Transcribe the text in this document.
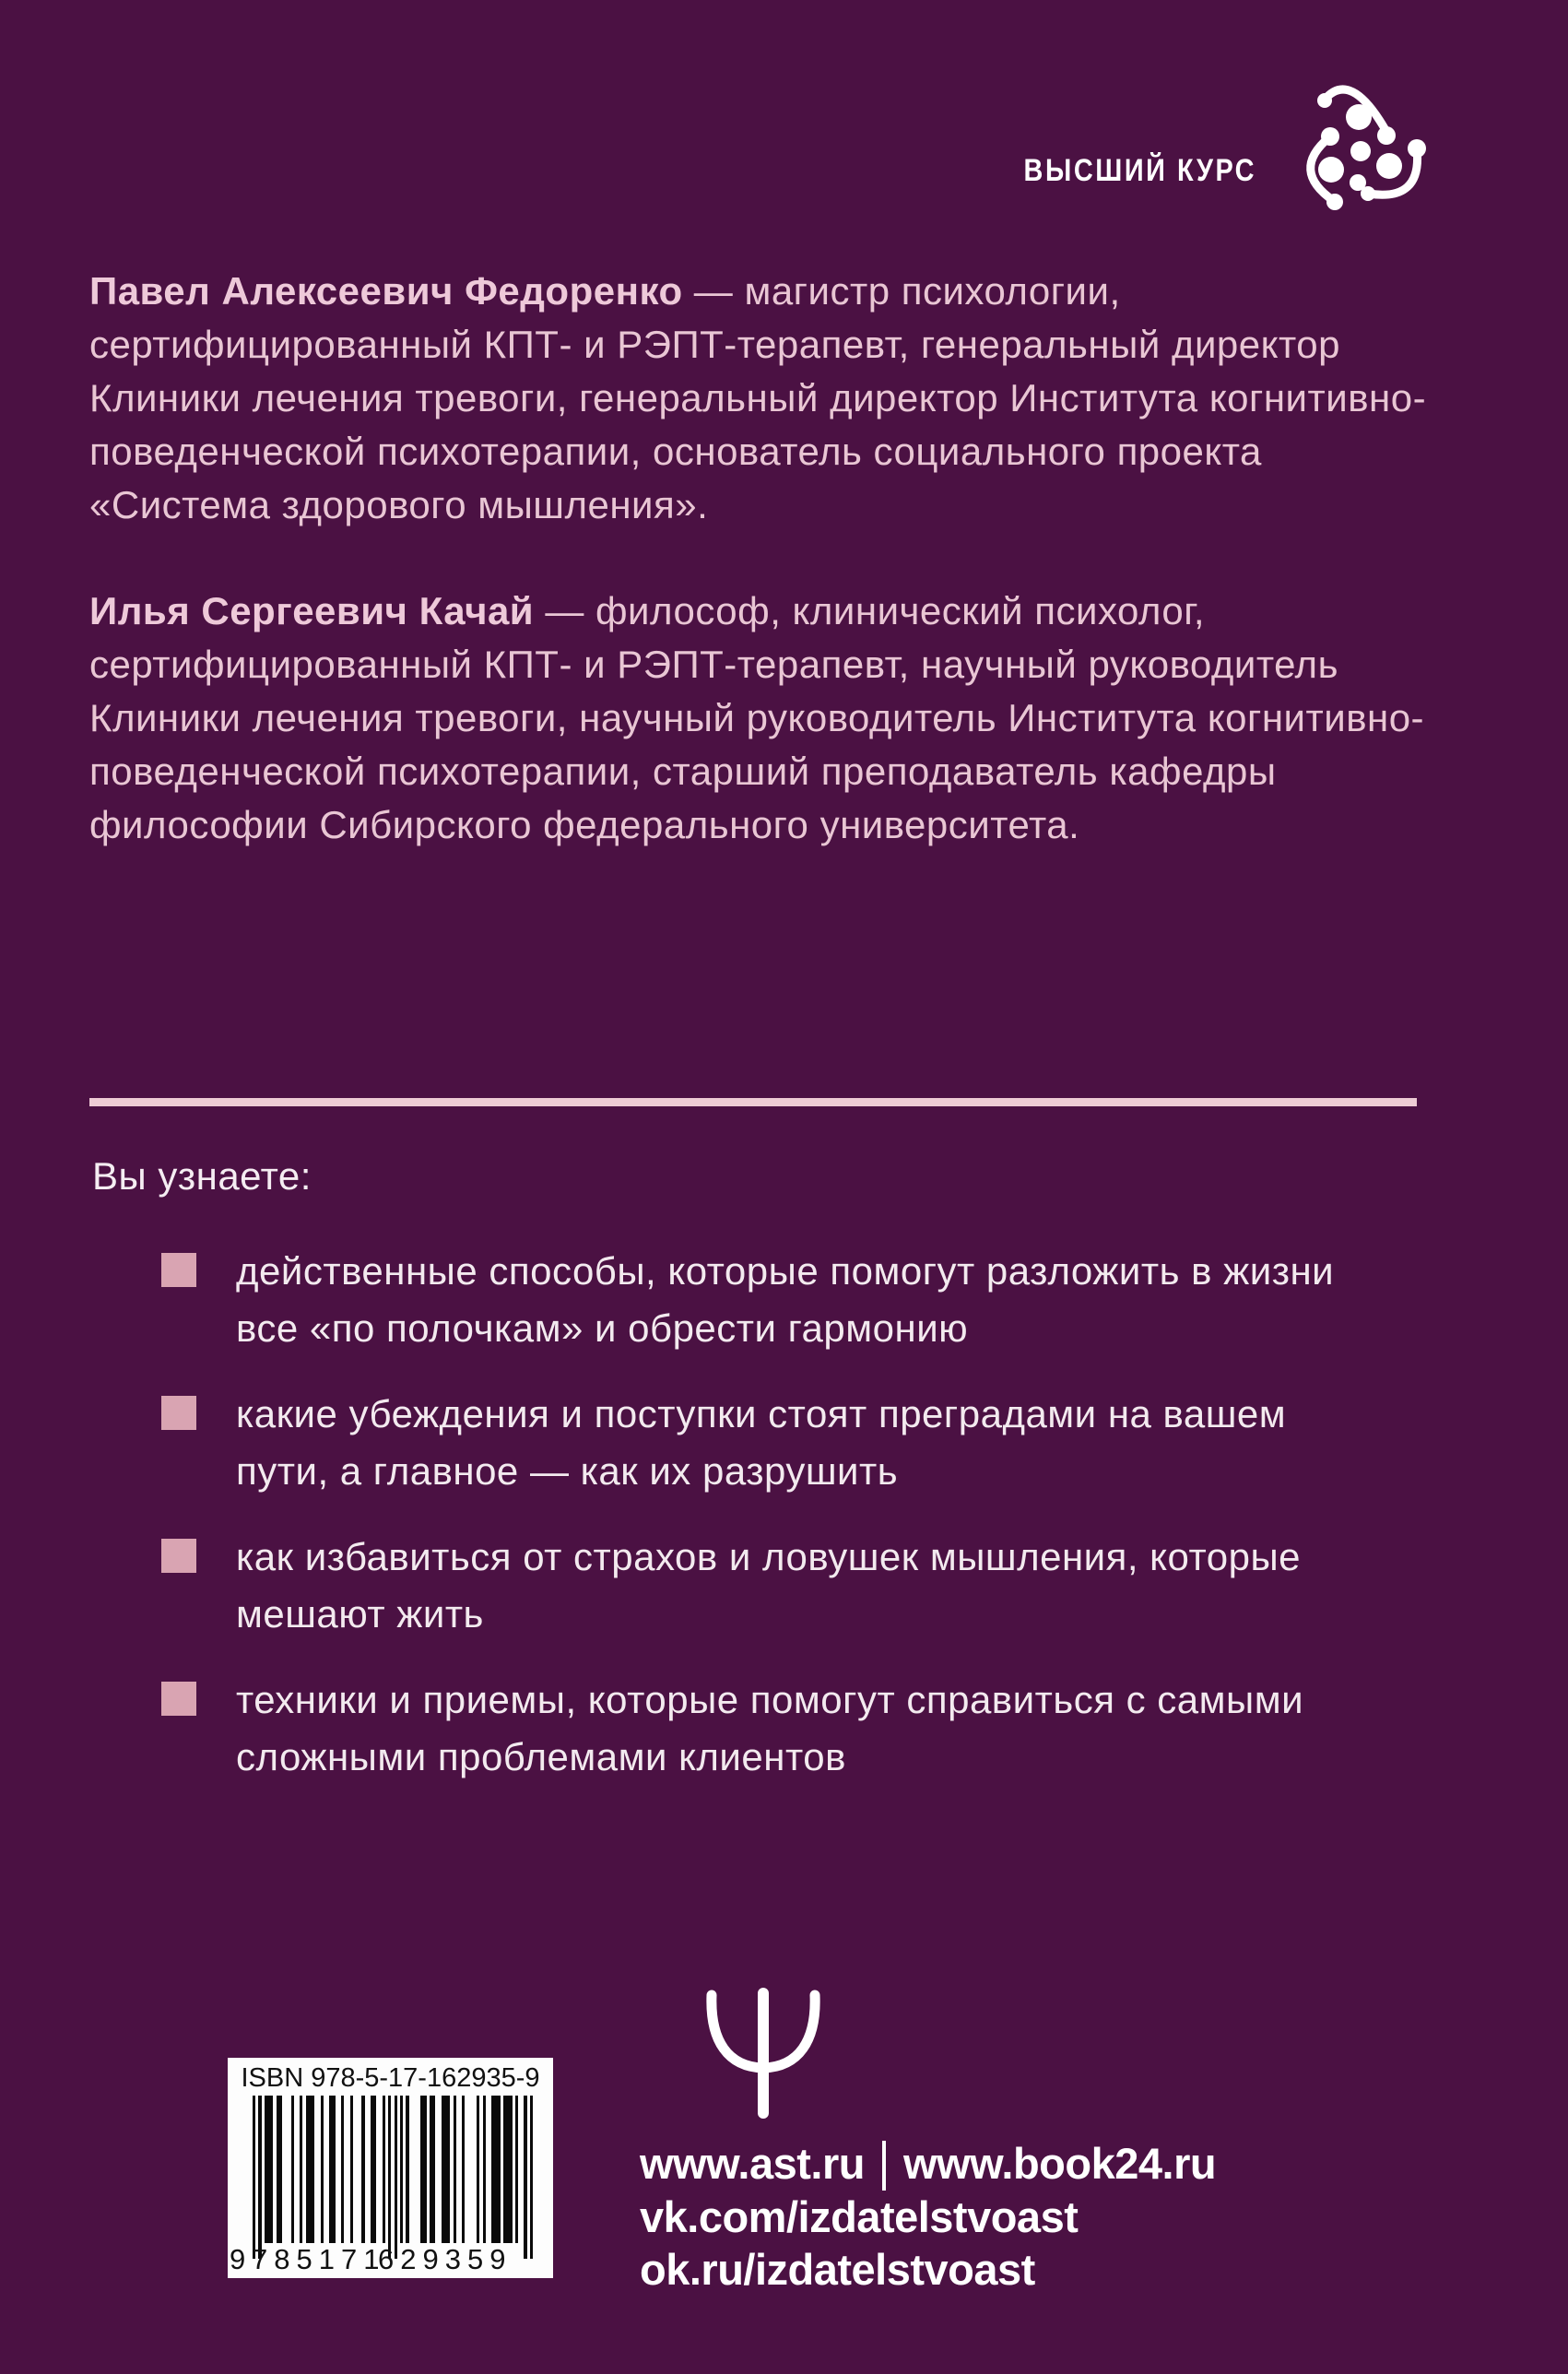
ВЫСШИЙ КУРС

Павел Алексеевич Федоренко — магистр психологии, сертифицированный КПТ- и РЭПТ-терапевт, генеральный директор Клиники лечения тревоги, генеральный директор Института когнитивно-поведенческой психотерапии, основатель социального проекта «Система здорового мышления».

Илья Сергеевич Качай — философ, клинический психолог, сертифицированный КПТ- и РЭПТ-терапевт, научный руководитель Клиники лечения тревоги, научный руководитель Института когнитивно-поведенческой психотерапии, старший преподаватель кафедры философии Сибирского федерального университета.

Вы узнаете:
действенные способы, которые помогут разложить в жизни все «по полочкам» и обрести гармонию
какие убеждения и поступки стоят преградами на вашем пути, а главное — как их разрушить
как избавиться от страхов и ловушек мышления, которые мешают жить
техники и приемы, которые помогут справиться с самыми сложными проблемами клиентов
ISBN 978-5-17-162935-9
9 785171
629359
www.ast.ru www.book24.ru
vk.com/izdatelstvoast
ok.ru/izdatelstvoast
